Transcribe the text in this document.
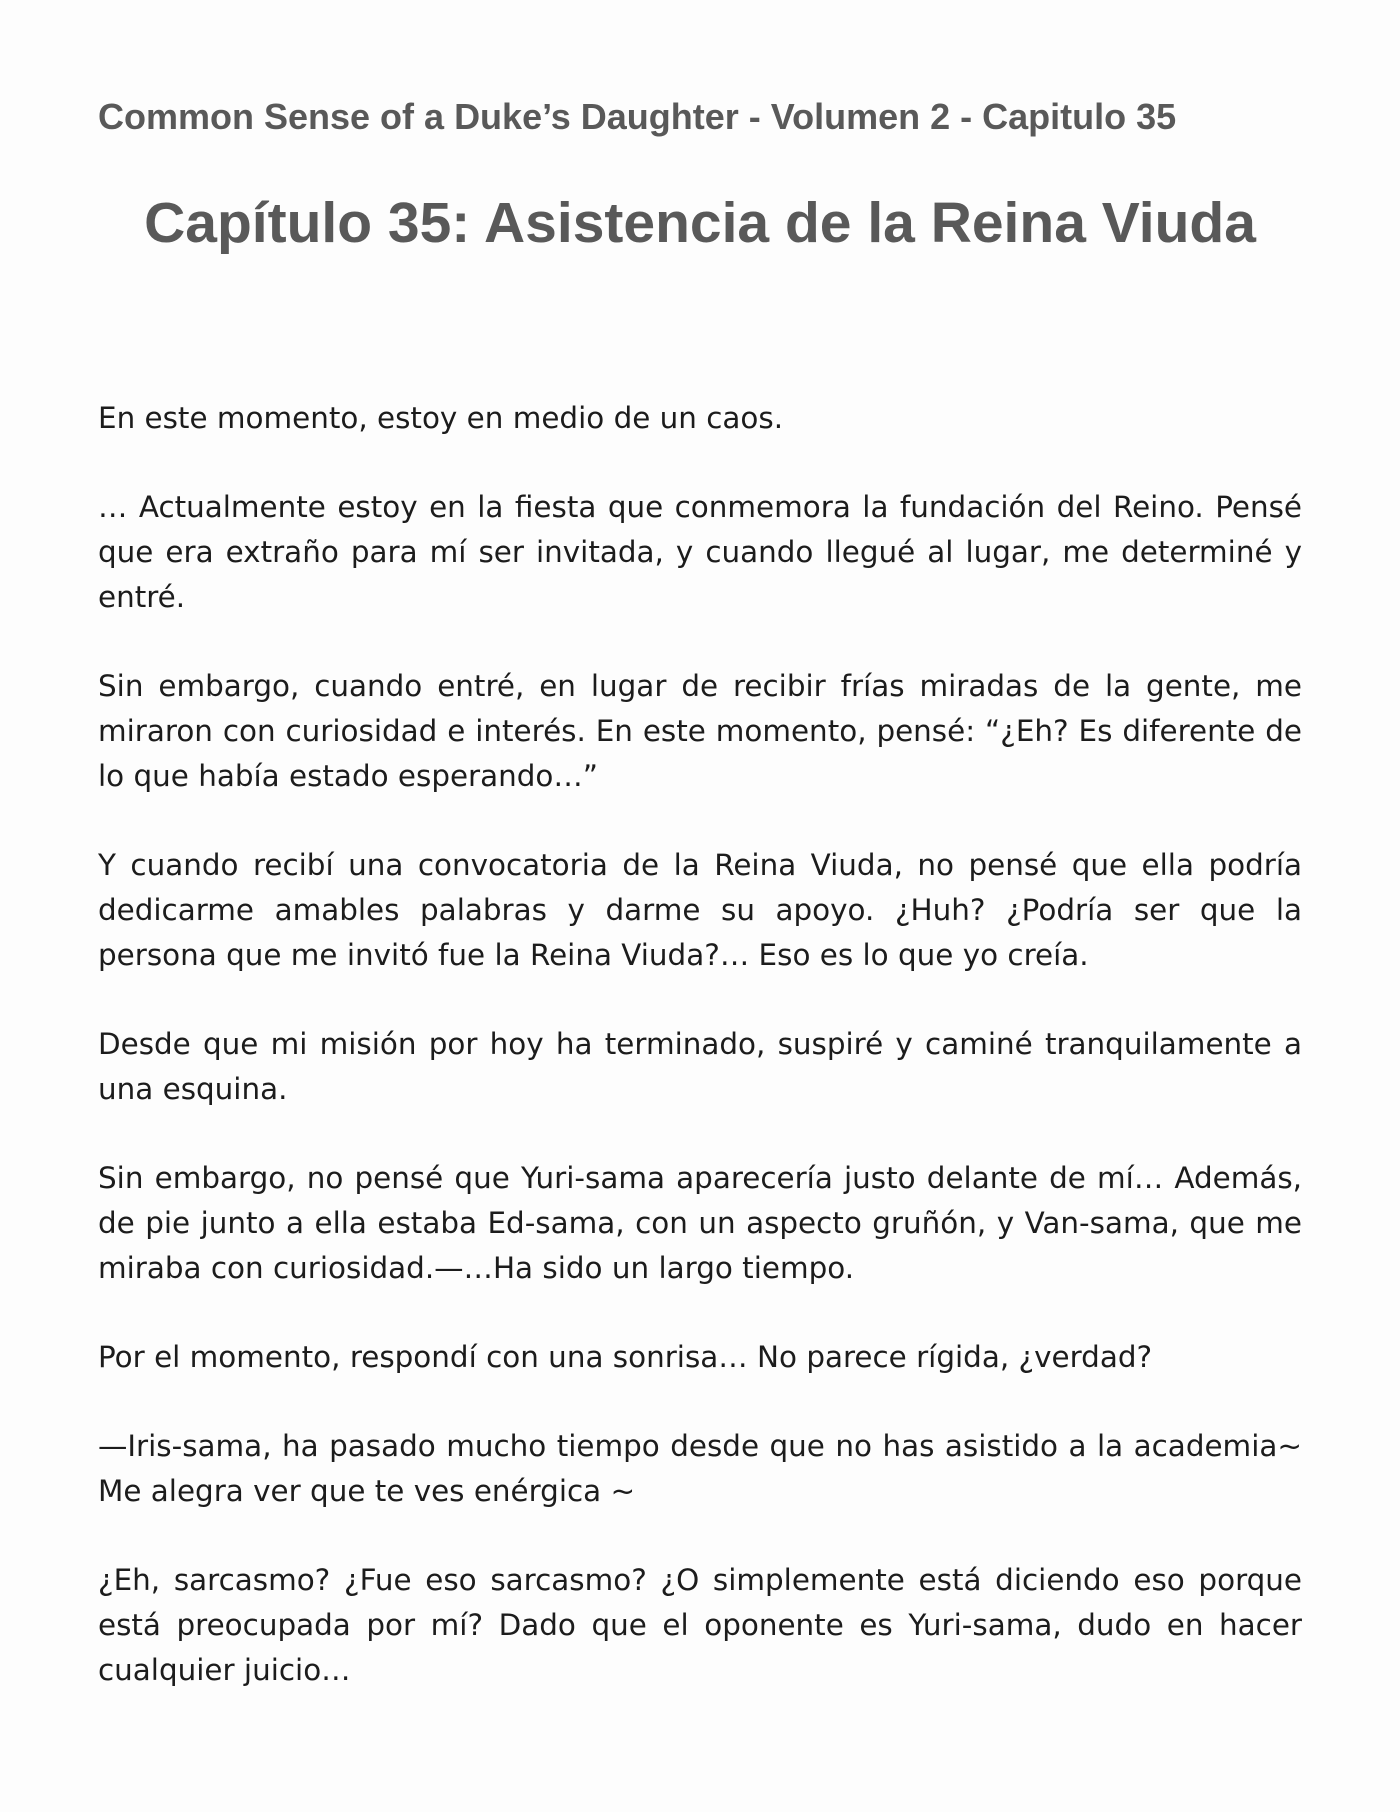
Common Sense of a Duke’s Daughter - Volumen 2 - Capitulo 35
Capítulo 35: Asistencia de la Reina Viuda

En este momento, estoy en medio de un caos.

… Actualmente estoy en la fiesta que conmemora la fundación del Reino. Pensé que era extraño para mí ser invitada, y cuando llegué al lugar, me determiné y entré.

Sin embargo, cuando entré, en lugar de recibir frías miradas de la gente, me miraron con curiosidad e interés. En este momento, pensé: “¿Eh? Es diferente de lo que había estado esperando…”

Y cuando recibí una convocatoria de la Reina Viuda, no pensé que ella podría dedicarme amables palabras y darme su apoyo. ¿Huh? ¿Podría ser que la persona que me invitó fue la Reina Viuda?… Eso es lo que yo creía.

Desde que mi misión por hoy ha terminado, suspiré y caminé tranquilamente a una esquina.

Sin embargo, no pensé que Yuri-sama aparecería justo delante de mí… Además, de pie junto a ella estaba Ed-sama, con un aspecto gruñón, y Van-sama, que me miraba con curiosidad.—…Ha sido un largo tiempo.

Por el momento, respondí con una sonrisa… No parece rígida, ¿verdad?

—Iris-sama, ha pasado mucho tiempo desde que no has asistido a la academia~ Me alegra ver que te ves enérgica ~

¿Eh, sarcasmo? ¿Fue eso sarcasmo? ¿O simplemente está diciendo eso porque está preocupada por mí? Dado que el oponente es Yuri-sama, dudo en hacer cualquier juicio…
